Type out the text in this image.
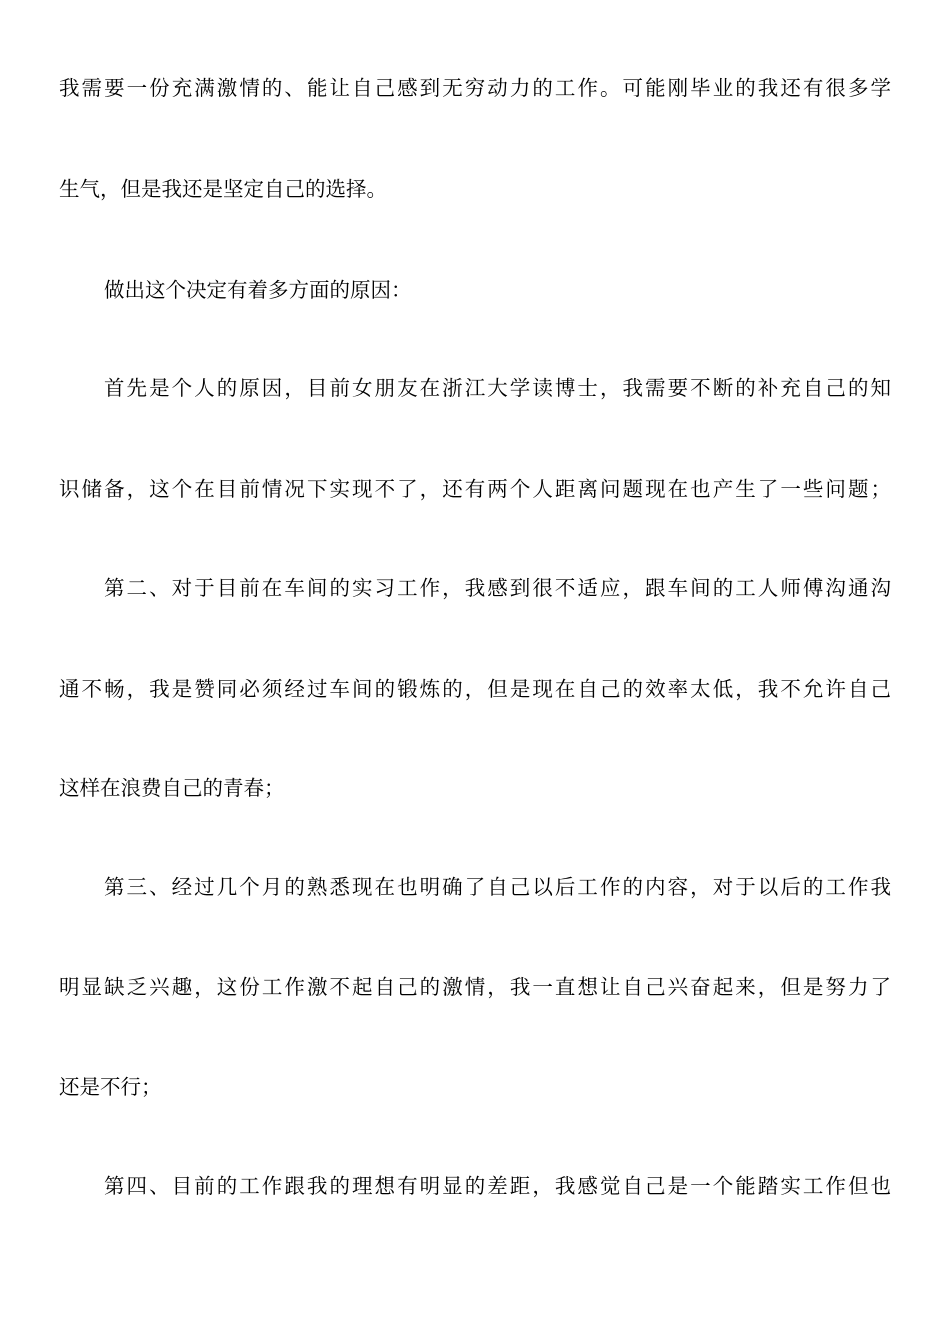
我需要一份充满激情的、能让自己感到无穷动力的工作。可能刚毕业的我还有很多学

生气，但是我还是坚定自己的选择。

做出这个决定有着多方面的原因：

首先是个人的原因，目前女朋友在浙江大学读博士，我需要不断的补充自己的知

识储备，这个在目前情况下实现不了，还有两个人距离问题现在也产生了一些问题；

第二、对于目前在车间的实习工作，我感到很不适应，跟车间的工人师傅沟通沟

通不畅，我是赞同必须经过车间的锻炼的，但是现在自己的效率太低，我不允许自己

这样在浪费自己的青春；

第三、经过几个月的熟悉现在也明确了自己以后工作的内容，对于以后的工作我

明显缺乏兴趣，这份工作激不起自己的激情，我一直想让自己兴奋起来，但是努力了

还是不行；

第四、目前的工作跟我的理想有明显的差距，我感觉自己是一个能踏实工作但也
